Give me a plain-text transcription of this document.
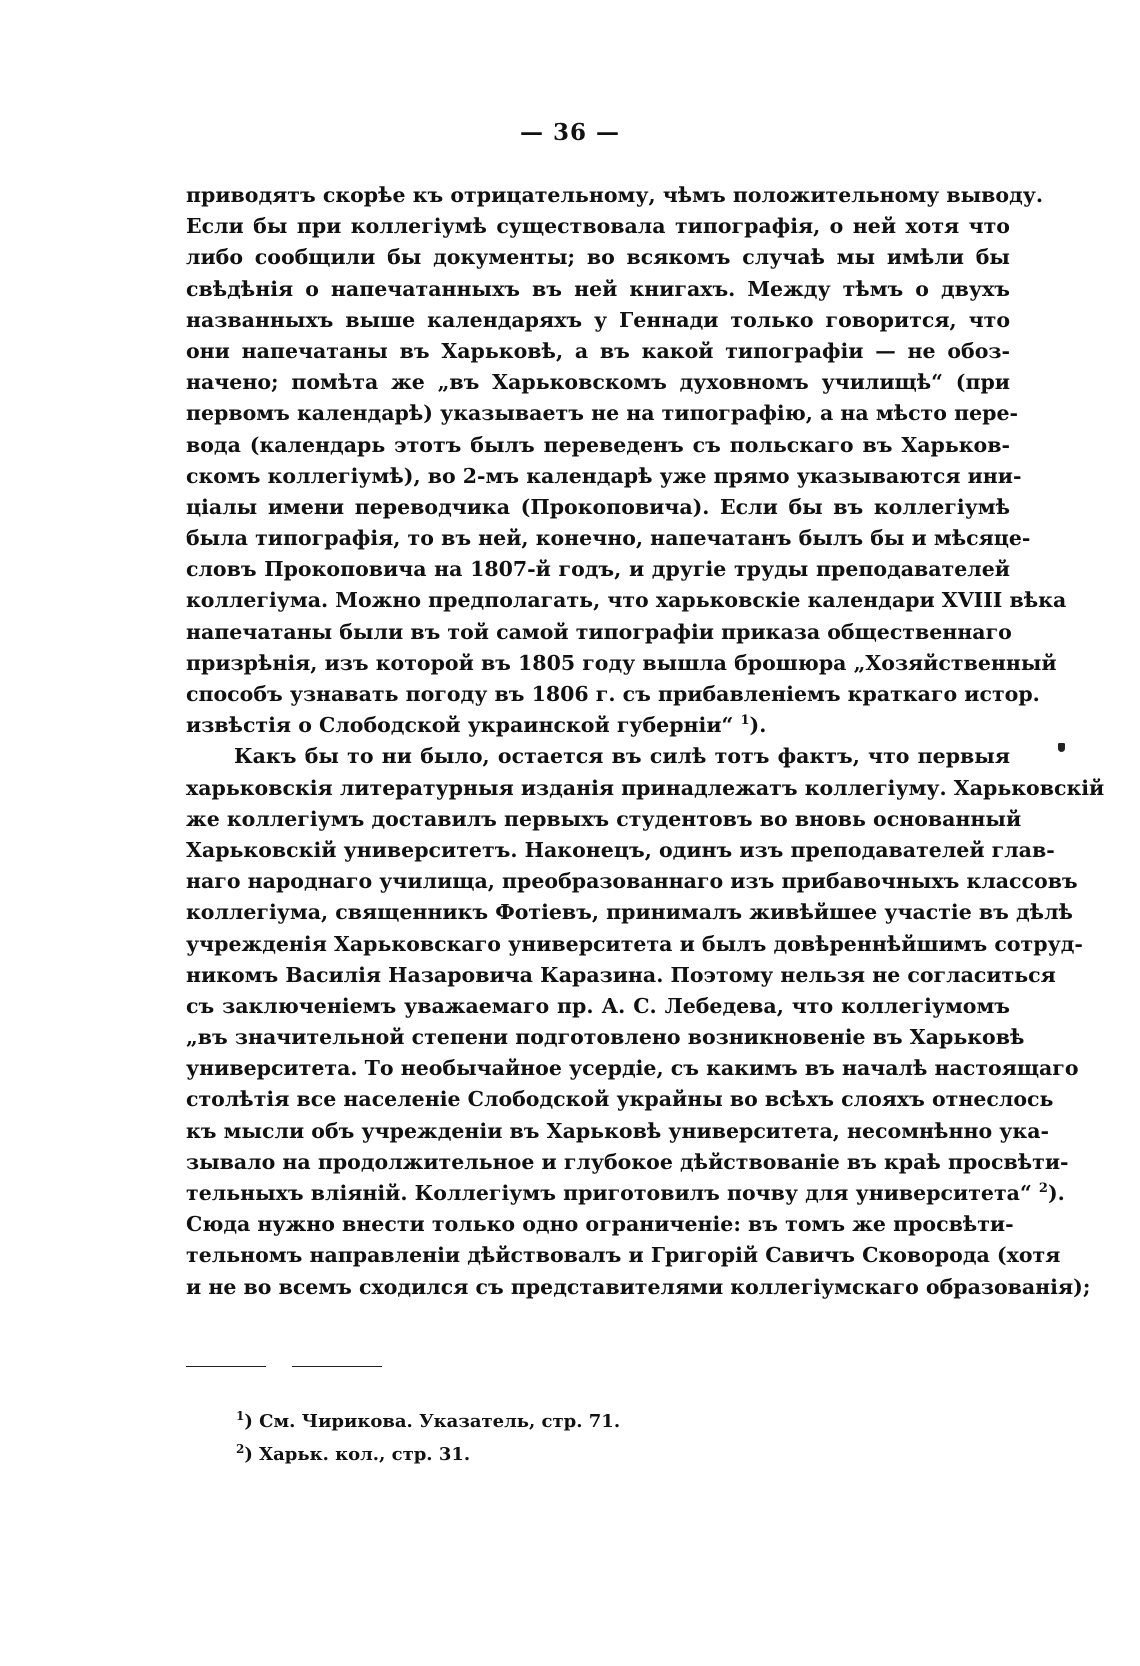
— 36 —
приводятъ скорѣе къ отрицательному, чѣмъ положительному выводу.
Если бы при коллегіумѣ существовала типографія, о ней хотя что
либо сообщили бы документы; во всякомъ случаѣ мы имѣли бы
свѣдѣнія о напечатанныхъ въ ней книгахъ. Между тѣмъ о двухъ
названныхъ выше календаряхъ у Геннади только говорится, что
они напечатаны въ Харьковѣ, а въ какой типографіи — не обоз-
начено; помѣта же „въ Харьковскомъ духовномъ училищѣ“ (при
первомъ календарѣ) указываетъ не на типографію, а на мѣсто пере-
вода (календарь этотъ былъ переведенъ съ польскаго въ Харьков-
скомъ коллегіумѣ), во 2-мъ календарѣ уже прямо указываются ини-
ціалы имени переводчика (Прокоповича). Если бы въ коллегіумѣ
была типографія, то въ ней, конечно, напечатанъ былъ бы и мѣсяце-
словъ Прокоповича на 1807-й годъ, и другіе труды преподавателей
коллегіума. Можно предполагать, что харьковскіе календари XVIII вѣка
напечатаны были въ той самой типографіи приказа общественнаго
призрѣнія, изъ которой въ 1805 году вышла брошюра „Хозяйственный
способъ узнавать погоду въ 1806 г. съ прибавленіемъ краткаго истор.
извѣстія о Слободской украинской губерніи“ $^1$).
Какъ бы то ни было, остается въ силѣ тотъ фактъ, что первыя
харьковскія литературныя изданія принадлежатъ коллегіуму. Харьковскій
же коллегіумъ доставилъ первыхъ студентовъ во вновь основанный
Харьковскій университетъ. Наконецъ, одинъ изъ преподавателей глав-
наго народнаго училища, преобразованнаго изъ прибавочныхъ классовъ
коллегіума, священникъ Фотіевъ, принималъ живѣйшее участіе въ дѣлѣ
учрежденія Харьковскаго университета и былъ довѣреннѣйшимъ сотруд-
никомъ Василія Назаровича Каразина. Поэтому нельзя не согласиться
съ заключеніемъ уважаемаго пр. А. С. Лебедева, что коллегіумомъ
„въ значительной степени подготовлено возникновеніе въ Харьковѣ
университета. То необычайное усердіе, съ какимъ въ началѣ настоящаго
столѣтія все населеніе Слободской украйны во всѣхъ слояхъ отнеслось
къ мысли объ учрежденіи въ Харьковѣ университета, несомнѣнно ука-
зывало на продолжительное и глубокое дѣйствованіе въ краѣ просвѣти-
тельныхъ вліяній. Коллегіумъ приготовилъ почву для университета“ $^2$).
Сюда нужно внести только одно ограниченіе: въ томъ же просвѣти-
тельномъ направленіи дѣйствовалъ и Григорій Савичъ Сковорода (хотя
и не во всемъ сходился съ представителями коллегіумскаго образованія);
$^1$) См. Чирикова. Указатель, стр. 71.
$^2$) Харьк. кол., стр. 31.
